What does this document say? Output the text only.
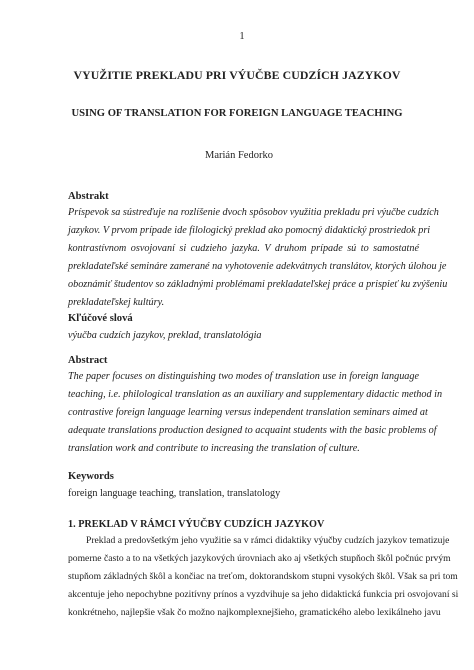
1
VYUŽITIE PREKLADU PRI VÝUČBE CUDZÍCH JAZYKOV
USING OF TRANSLATION FOR FOREIGN LANGUAGE TEACHING
Marián Fedorko
Abstrakt
Príspevok sa sústreďuje na rozlíšenie dvoch spôsobov využitia prekladu pri výučbe cudzích
jazykov. V prvom prípade ide filologický preklad ako pomocný didaktický prostriedok pri
kontrastívnom osvojovaní si cudzieho jazyka. V druhom prípade sú to samostatné
prekladateľské semináre zamerané na vyhotovenie adekvátnych translátov, ktorých úlohou je
oboznámiť študentov so základnými problémami prekladateľskej práce a prispieť ku zvýšeniu
prekladateľskej kultúry.
Kľúčové slová
výučba cudzích jazykov, preklad, translatológia
Abstract
The paper focuses on distinguishing two modes of translation use in foreign language
teaching, i.e. philological translation as an auxiliary and supplementary didactic method in
contrastive foreign language learning versus independent translation seminars aimed at
adequate translations production designed to acquaint students with the basic problems of
translation work and contribute to increasing the translation of culture.
Keywords
foreign language teaching, translation, translatology
1. PREKLAD V RÁMCI VÝUČBY CUDZÍCH JAZYKOV
Preklad a predovšetkým jeho využitie sa v rámci didaktiky výučby cudzích jazykov tematizuje
pomerne často a to na všetkých jazykových úrovniach ako aj všetkých stupňoch škôl počnúc prvým
stupňom základných škôl a končiac na treťom, doktorandskom stupni vysokých škôl. Však sa pri tom
akcentuje jeho nepochybne pozitívny prínos a vyzdvihuje sa jeho didaktická funkcia pri osvojovaní si
konkrétneho, najlepšie však čo možno najkomplexnejšieho, gramatického alebo lexikálneho javu
